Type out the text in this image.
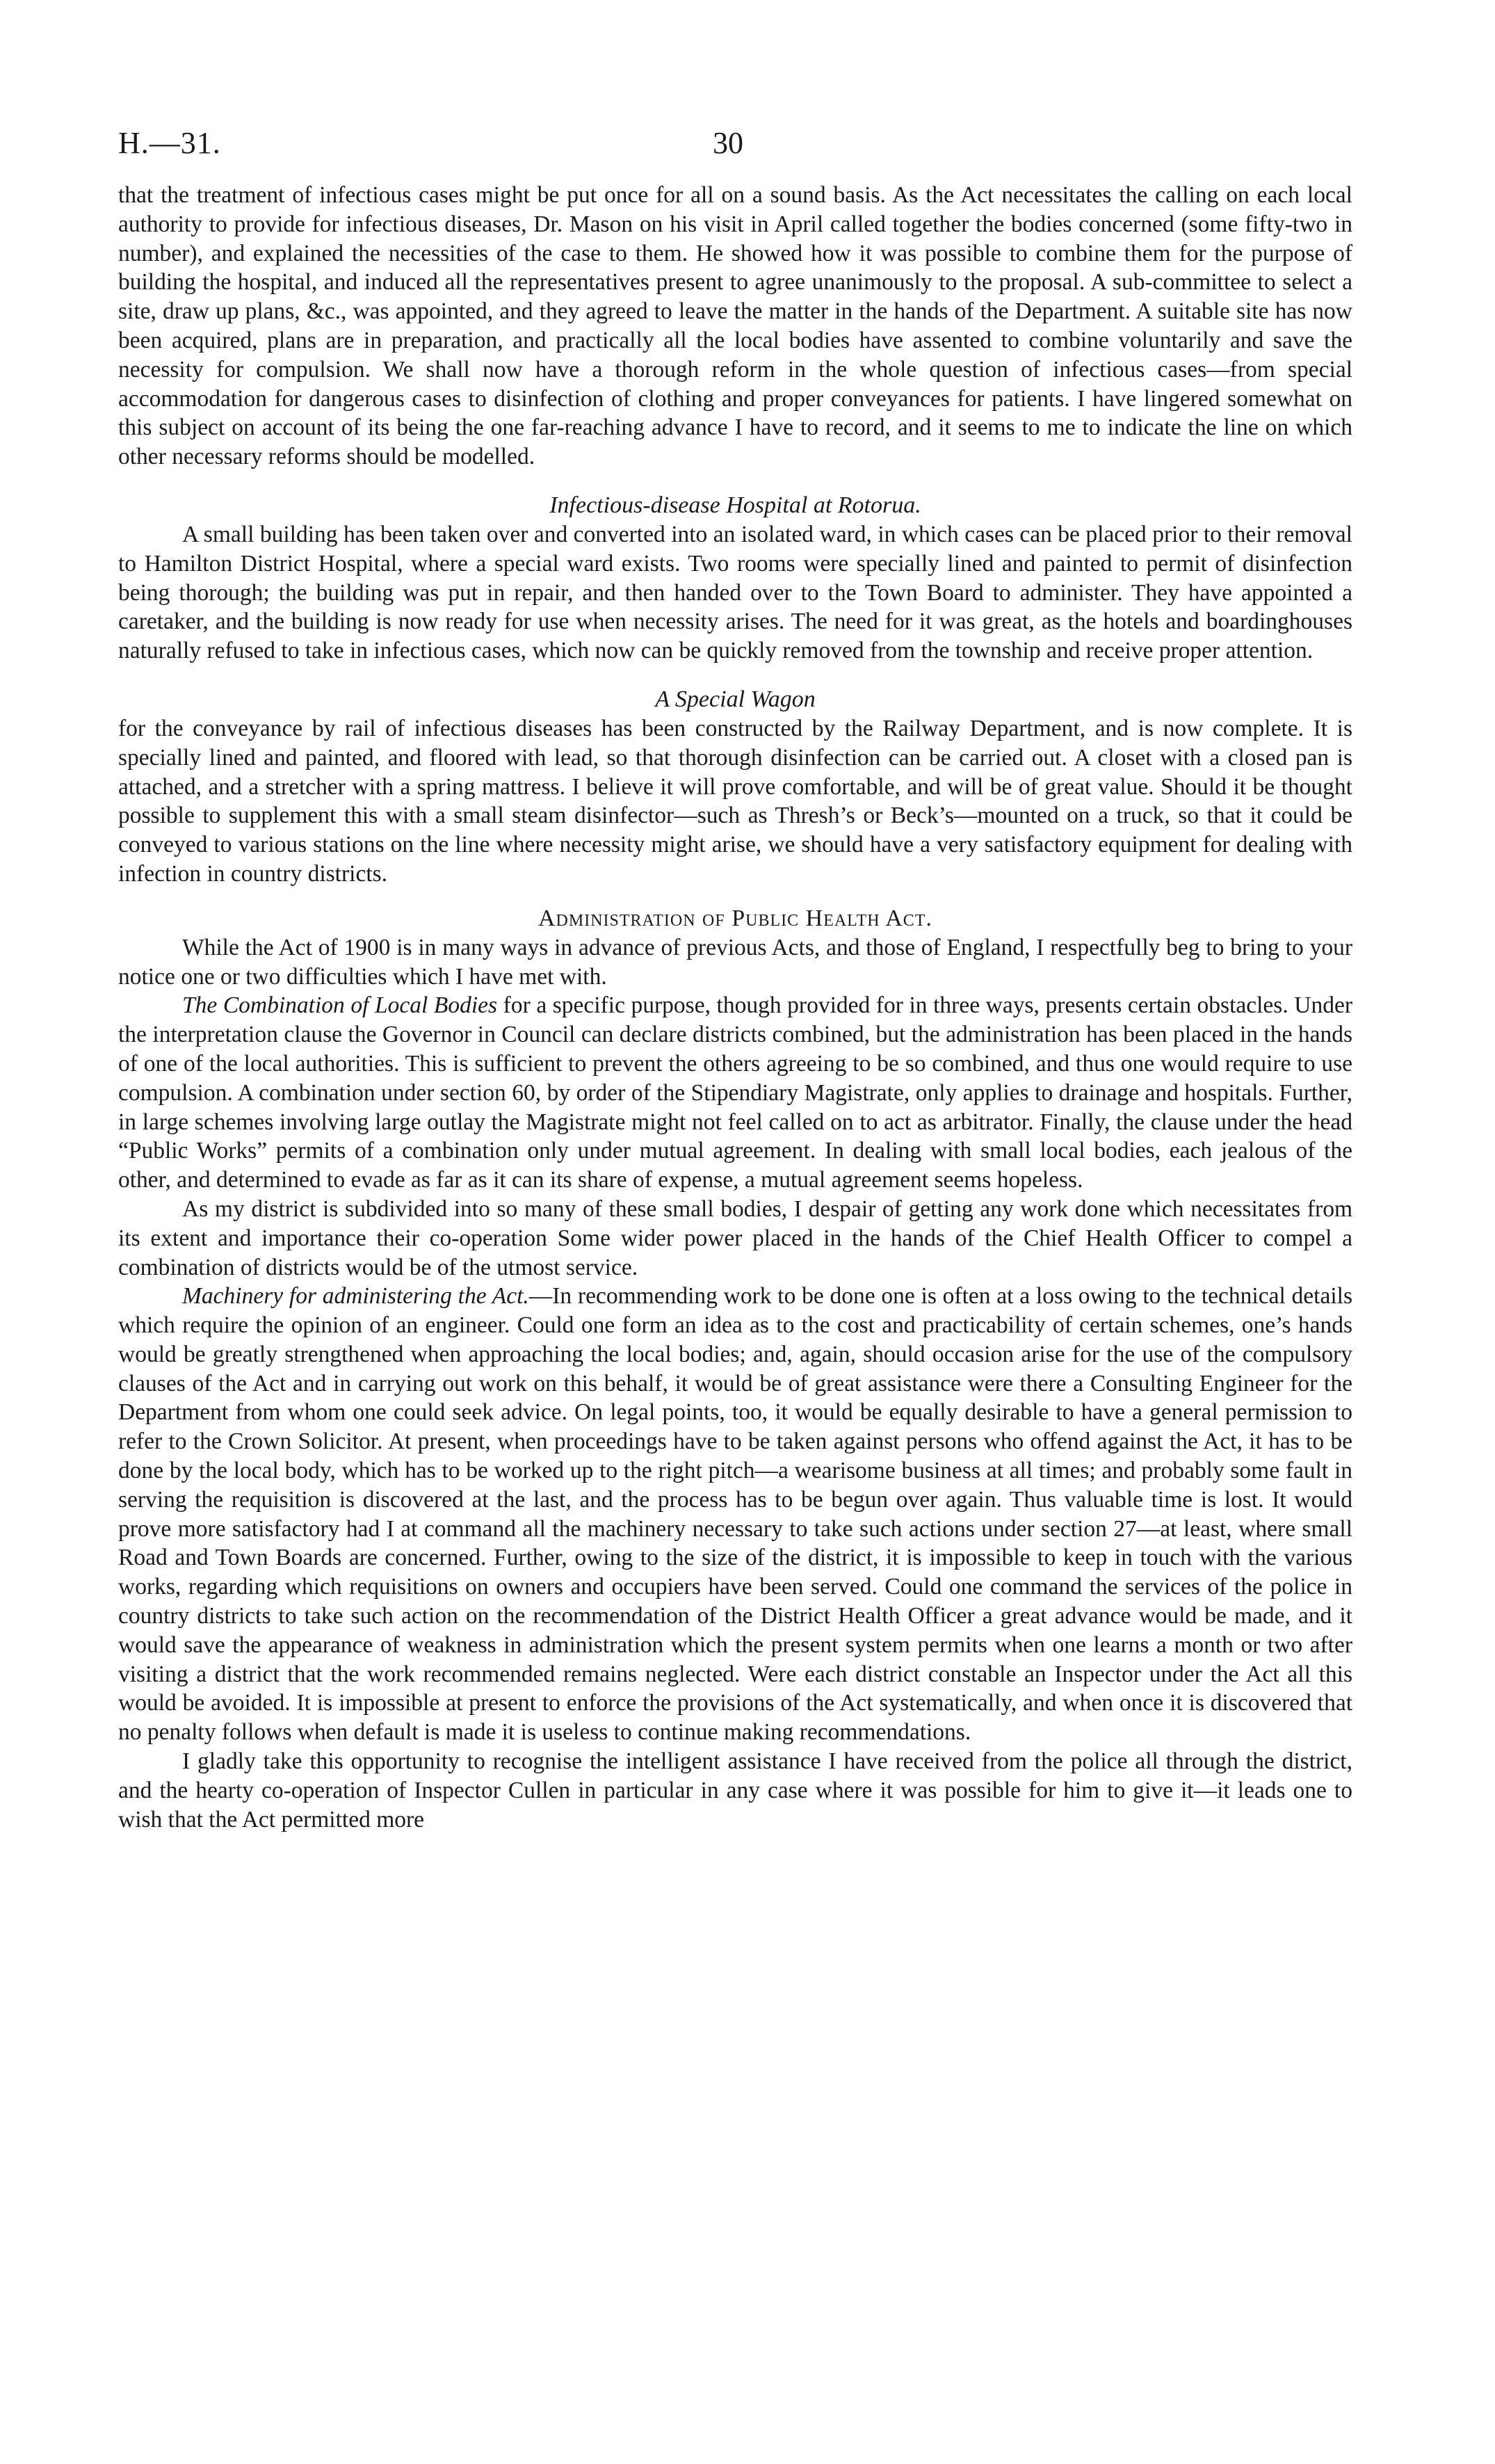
H.—31.	30

that the treatment of infectious cases might be put once for all on a sound basis. As the Act necessitates the calling on each local authority to provide for infectious diseases, Dr. Mason on his visit in April called together the bodies concerned (some fifty-two in number), and explained the necessities of the case to them. He showed how it was possible to combine them for the purpose of building the hospital, and induced all the representatives present to agree unanimously to the proposal. A sub-committee to select a site, draw up plans, &c., was appointed, and they agreed to leave the matter in the hands of the Department. A suitable site has now been acquired, plans are in preparation, and practically all the local bodies have assented to combine voluntarily and save the necessity for compulsion. We shall now have a thorough reform in the whole question of infectious cases—from special accommodation for dangerous cases to disinfection of clothing and proper conveyances for patients. I have lingered somewhat on this subject on account of its being the one far-reaching advance I have to record, and it seems to me to indicate the line on which other necessary reforms should be modelled.

Infectious-disease Hospital at Rotorua.

A small building has been taken over and converted into an isolated ward, in which cases can be placed prior to their removal to Hamilton District Hospital, where a special ward exists. Two rooms were specially lined and painted to permit of disinfection being thorough; the building was put in repair, and then handed over to the Town Board to administer. They have appointed a caretaker, and the building is now ready for use when necessity arises. The need for it was great, as the hotels and boardinghouses naturally refused to take in infectious cases, which now can be quickly removed from the township and receive proper attention.

A Special Wagon

for the conveyance by rail of infectious diseases has been constructed by the Railway Department, and is now complete. It is specially lined and painted, and floored with lead, so that thorough disinfection can be carried out. A closet with a closed pan is attached, and a stretcher with a spring mattress. I believe it will prove comfortable, and will be of great value. Should it be thought possible to supplement this with a small steam disinfector—such as Thresh’s or Beck’s—mounted on a truck, so that it could be conveyed to various stations on the line where necessity might arise, we should have a very satisfactory equipment for dealing with infection in country districts.

Administration of Public Health Act.

While the Act of 1900 is in many ways in advance of previous Acts, and those of England, I respectfully beg to bring to your notice one or two difficulties which I have met with.

The Combination of Local Bodies for a specific purpose, though provided for in three ways, presents certain obstacles. Under the interpretation clause the Governor in Council can declare districts combined, but the administration has been placed in the hands of one of the local authorities. This is sufficient to prevent the others agreeing to be so combined, and thus one would require to use compulsion. A combination under section 60, by order of the Stipendiary Magistrate, only applies to drainage and hospitals. Further, in large schemes involving large outlay the Magistrate might not feel called on to act as arbitrator. Finally, the clause under the head “Public Works” permits of a combination only under mutual agreement. In dealing with small local bodies, each jealous of the other, and determined to evade as far as it can its share of expense, a mutual agreement seems hopeless.

As my district is subdivided into so many of these small bodies, I despair of getting any work done which necessitates from its extent and importance their co-operation Some wider power placed in the hands of the Chief Health Officer to compel a combination of districts would be of the utmost service.

Machinery for administering the Act.—In recommending work to be done one is often at a loss owing to the technical details which require the opinion of an engineer. Could one form an idea as to the cost and practicability of certain schemes, one’s hands would be greatly strengthened when approaching the local bodies; and, again, should occasion arise for the use of the compulsory clauses of the Act and in carrying out work on this behalf, it would be of great assistance were there a Consulting Engineer for the Department from whom one could seek advice. On legal points, too, it would be equally desirable to have a general permission to refer to the Crown Solicitor. At present, when proceedings have to be taken against persons who offend against the Act, it has to be done by the local body, which has to be worked up to the right pitch—a wearisome business at all times; and probably some fault in serving the requisition is discovered at the last, and the process has to be begun over again. Thus valuable time is lost. It would prove more satisfactory had I at command all the machinery necessary to take such actions under section 27—at least, where small Road and Town Boards are concerned. Further, owing to the size of the district, it is impossible to keep in touch with the various works, regarding which requisitions on owners and occupiers have been served. Could one command the services of the police in country districts to take such action on the recommendation of the District Health Officer a great advance would be made, and it would save the appearance of weakness in administration which the present system permits when one learns a month or two after visiting a district that the work recommended remains neglected. Were each district constable an Inspector under the Act all this would be avoided. It is impossible at present to enforce the provisions of the Act systematically, and when once it is discovered that no penalty follows when default is made it is useless to continue making recommendations.

I gladly take this opportunity to recognise the intelligent assistance I have received from the police all through the district, and the hearty co-operation of Inspector Cullen in particular in any case where it was possible for him to give it—it leads one to wish that the Act permitted more
